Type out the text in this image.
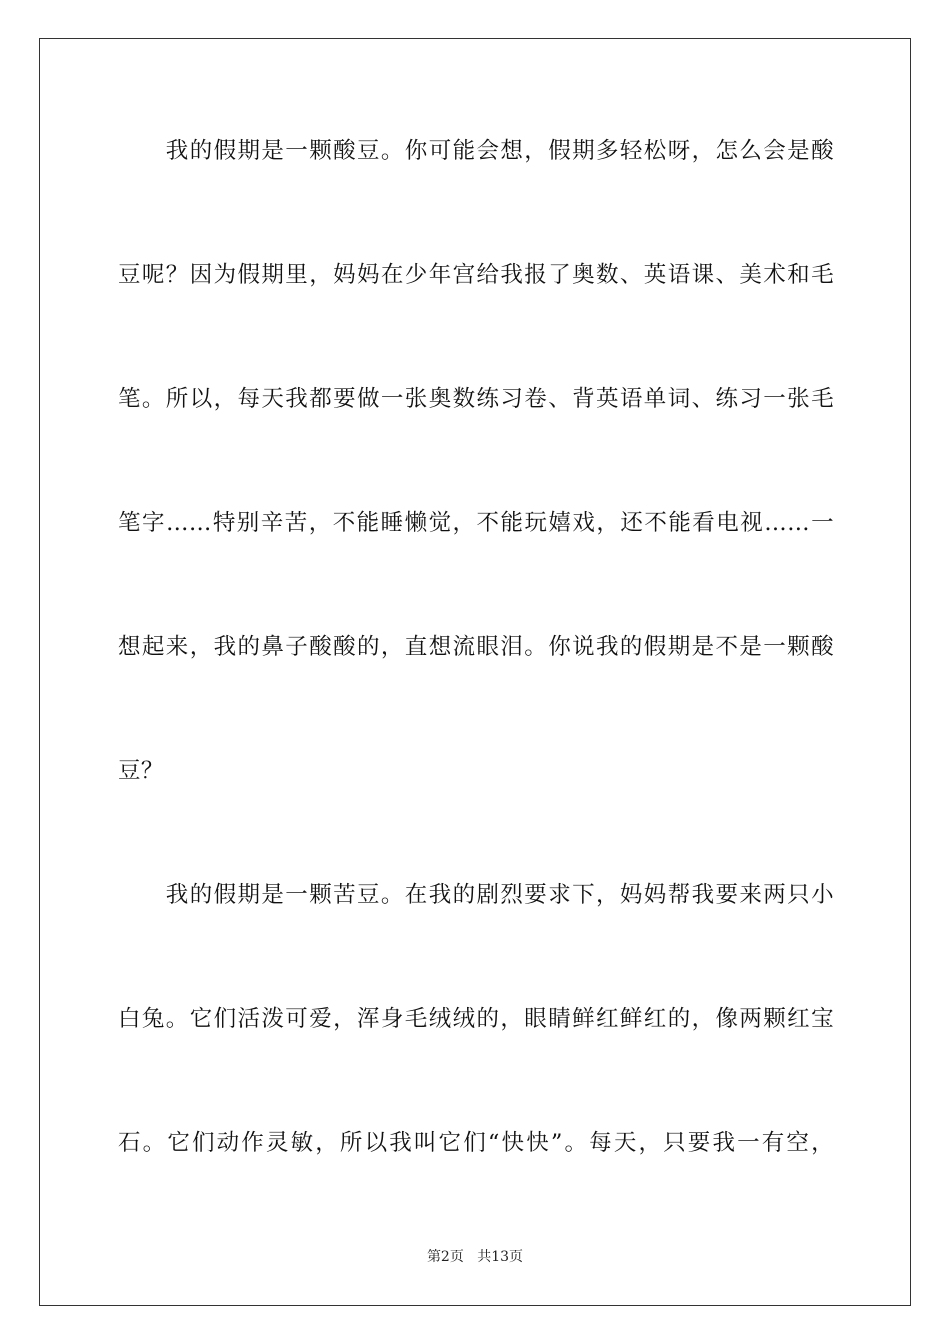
　　我的假期是一颗酸豆。你可能会想，假期多轻松呀，怎么会是酸
豆呢？因为假期里，妈妈在少年宫给我报了奥数、英语课、美术和毛
笔。所以，每天我都要做一张奥数练习卷、背英语单词、练习一张毛
笔字……特别辛苦，不能睡懒觉，不能玩嬉戏，还不能看电视……一
想起来，我的鼻子酸酸的，直想流眼泪。你说我的假期是不是一颗酸
豆？
　　我的假期是一颗苦豆。在我的剧烈要求下，妈妈帮我要来两只小
白兔。它们活泼可爱，浑身毛绒绒的，眼睛鲜红鲜红的，像两颗红宝
石。它们动作灵敏，所以我叫它们“快快”。每天，只要我一有空，
第2页 共13页
